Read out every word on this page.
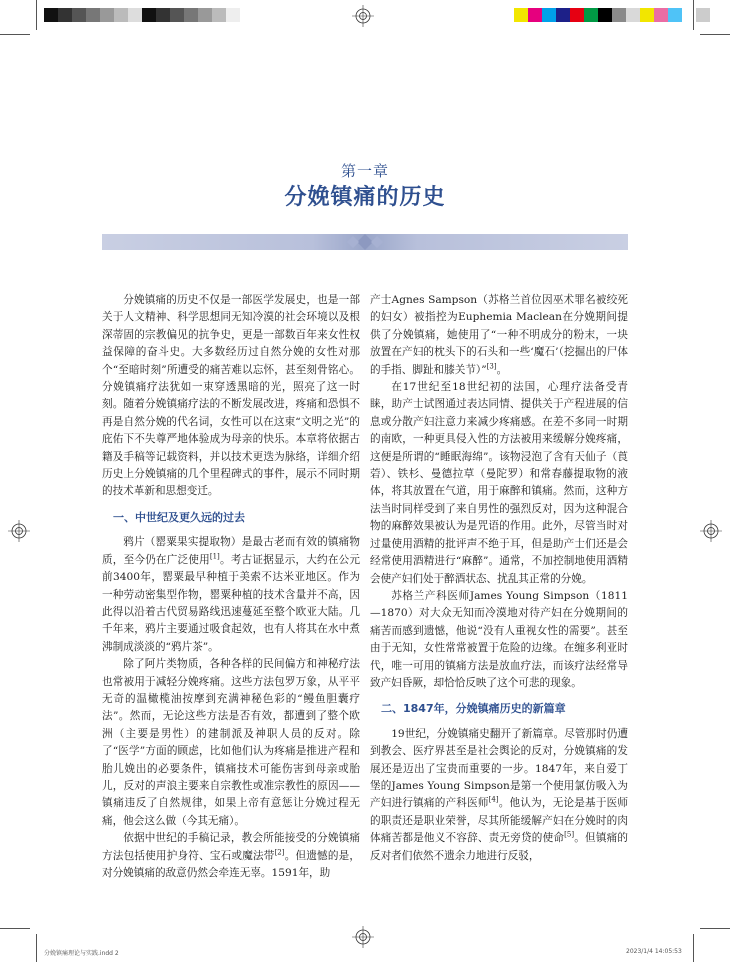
第一章
分娩镇痛的历史

分娩镇痛的历史不仅是一部医学发展史，也是一部关于人文精神、科学思想同无知冷漠的社会环境以及根深蒂固的宗教偏见的抗争史，更是一部数百年来女性权益保障的奋斗史。大多数经历过自然分娩的女性对那个“至暗时刻”所遭受的痛苦难以忘怀，甚至刻骨铭心。分娩镇痛疗法犹如一束穿透黑暗的光，照亮了这一时刻。随着分娩镇痛疗法的不断发展改进，疼痛和恐惧不再是自然分娩的代名词，女性可以在这束“文明之光”的庇佑下不失尊严地体验成为母亲的快乐。本章将依据古籍及手稿等记载资料，并以技术更迭为脉络，详细介绍历史上分娩镇痛的几个里程碑式的事件，展示不同时期的技术革新和思想变迁。

一、中世纪及更久远的过去

鸦片（罂粟果实提取物）是最古老而有效的镇痛物质，至今仍在广泛使用[1]。考古证据显示，大约在公元前3400年，罂粟最早种植于美索不达米亚地区。作为一种劳动密集型作物，罂粟种植的技术含量并不高，因此得以沿着古代贸易路线迅速蔓延至整个欧亚大陆。几千年来，鸦片主要通过吸食起效，也有人将其在水中煮沸制成淡淡的“鸦片茶”。

除了阿片类物质，各种各样的民间偏方和神秘疗法也常被用于减轻分娩疼痛。这些方法包罗万象，从平平无奇的温橄榄油按摩到充满神秘色彩的“鳗鱼胆囊疗法”。然而，无论这些方法是否有效，都遭到了整个欧洲（主要是男性）的建制派及神职人员的反对。除了“医学”方面的顾虑，比如他们认为疼痛是推进产程和胎儿娩出的必要条件，镇痛技术可能伤害到母亲或胎儿，反对的声浪主要来自宗教性或准宗教性的原因——镇痛违反了自然规律，如果上帝有意惩让分娩过程无痛，他会这么做（今其无痛）。

依据中世纪的手稿记录，教会所能接受的分娩镇痛方法包括使用护身符、宝石或魔法带[2]。但遗憾的是，对分娩镇痛的敌意仍然会牵连无辜。1591年，助

产士Agnes Sampson（苏格兰首位因巫术罪名被绞死的妇女）被指控为Euphemia Maclean在分娩期间提供了分娩镇痛，她使用了“一种不明成分的粉末，一块放置在产妇的枕头下的石头和一些‘魔石’（挖掘出的尸体的手指、脚趾和膝关节）”[3]。

在17世纪至18世纪初的法国，心理疗法备受青睐，助产士试图通过表达同情、提供关于产程进展的信息或分散产妇注意力来减少疼痛感。在差不多同一时期的南欧，一种更具侵入性的方法被用来缓解分娩疼痛，这便是所谓的“睡眠海绵”。该物浸泡了含有天仙子（莨菪）、铁杉、曼德拉草（曼陀罗）和常春藤提取物的液体，将其放置在气道，用于麻醉和镇痛。然而，这种方法当时同样受到了来自男性的强烈反对，因为这种混合物的麻醉效果被认为是咒语的作用。此外，尽管当时对过量使用酒精的批评声不绝于耳，但是助产士们还是会经常使用酒精进行“麻醉”。通常，不加控制地使用酒精会使产妇们处于醉酒状态、扰乱其正常的分娩。

苏格兰产科医师James Young Simpson（1811—1870）对大众无知而冷漠地对待产妇在分娩期间的痛苦而感到遗憾，他说“没有人重视女性的需要”。甚至由于无知，女性常常被置于危险的边缘。在缠多利亚时代，唯一可用的镇痛方法是放血疗法，而该疗法经常导致产妇昏厥，却恰恰反映了这个可悲的现象。

二、1847年，分娩镇痛历史的新篇章

19世纪，分娩镇痛史翻开了新篇章。尽管那时仍遭到教会、医疗界甚至是社会舆论的反对，分娩镇痛的发展还是迈出了宝贵而重要的一步。1847年，来自爱丁堡的James Young Simpson是第一个使用氯仿吸入为产妇进行镇痛的产科医师[4]。他认为，无论是基于医师的职责还是职业荣誉，尽其所能缓解产妇在分娩时的肉体痛苦都是他义不容辞、责无旁贷的使命[5]。但镇痛的反对者们依然不遗余力地进行反驳，

分娩镇痛理论与实践.indd 2	2023/1/4 14:05:53
